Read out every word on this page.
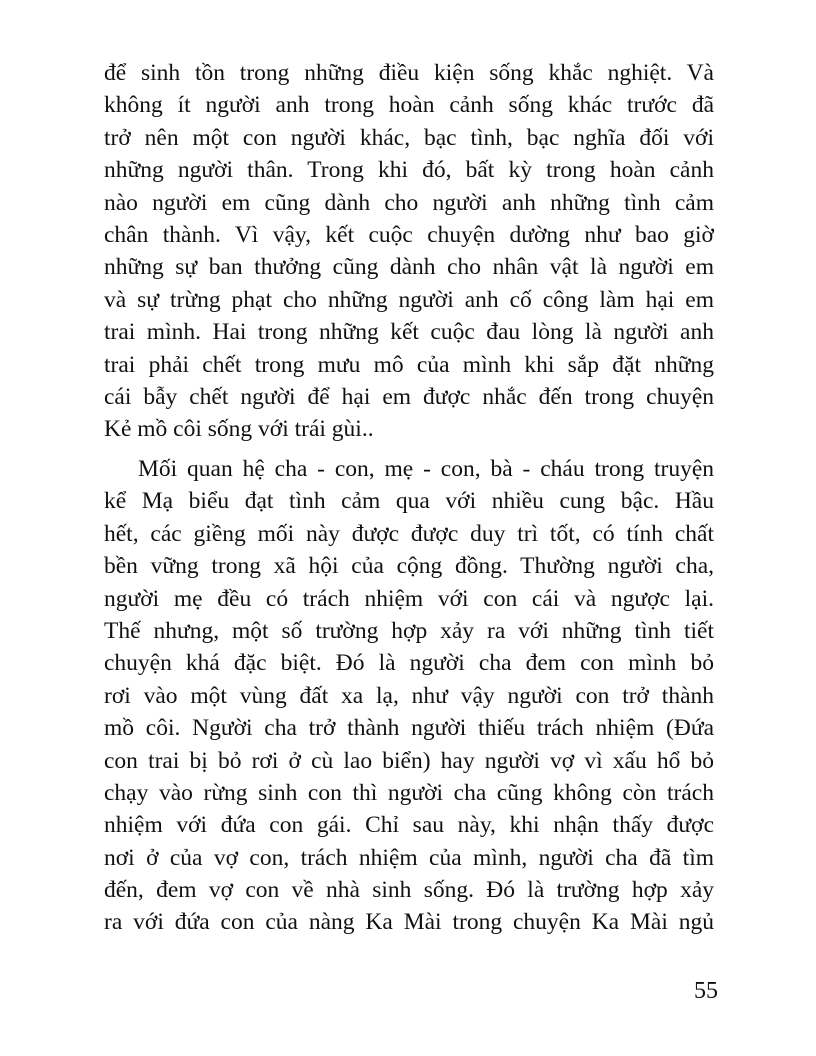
để sinh tồn trong những điều kiện sống khắc nghiệt. Và
không ít người anh trong hoàn cảnh sống khác trước đã
trở nên một con người khác, bạc tình, bạc nghĩa đối với
những người thân. Trong khi đó, bất kỳ trong hoàn cảnh
nào người em cũng dành cho người anh những tình cảm
chân thành. Vì vậy, kết cuộc chuyện dường như bao giờ
những sự ban thưởng cũng dành cho nhân vật là người em
và sự trừng phạt cho những người anh cố công làm hại em
trai mình. Hai trong những kết cuộc đau lòng là người anh
trai phải chết trong mưu mô của mình khi sắp đặt những
cái bẫy chết người để hại em được nhắc đến trong chuyện
Kẻ mồ côi sống với trái gùi..
Mối quan hệ cha - con, mẹ - con, bà - cháu trong truyện
kể Mạ biểu đạt tình cảm qua với nhiều cung bậc. Hầu
hết, các giềng mối này được được duy trì tốt, có tính chất
bền vững trong xã hội của cộng đồng. Thường người cha,
người mẹ đều có trách nhiệm với con cái và ngược lại.
Thế nhưng, một số trường hợp xảy ra với những tình tiết
chuyện khá đặc biệt. Đó là người cha đem con mình bỏ
rơi vào một vùng đất xa lạ, như vậy người con trở thành
mồ côi. Người cha trở thành người thiếu trách nhiệm (Đứa
con trai bị bỏ rơi ở cù lao biển) hay người vợ vì xấu hổ bỏ
chạy vào rừng sinh con thì người cha cũng không còn trách
nhiệm với đứa con gái. Chỉ sau này, khi nhận thấy được
nơi ở của vợ con, trách nhiệm của mình, người cha đã tìm
đến, đem vợ con về nhà sinh sống. Đó là trường hợp xảy
ra với đứa con của nàng Ka Mài trong chuyện Ka Mài ngủ
55
